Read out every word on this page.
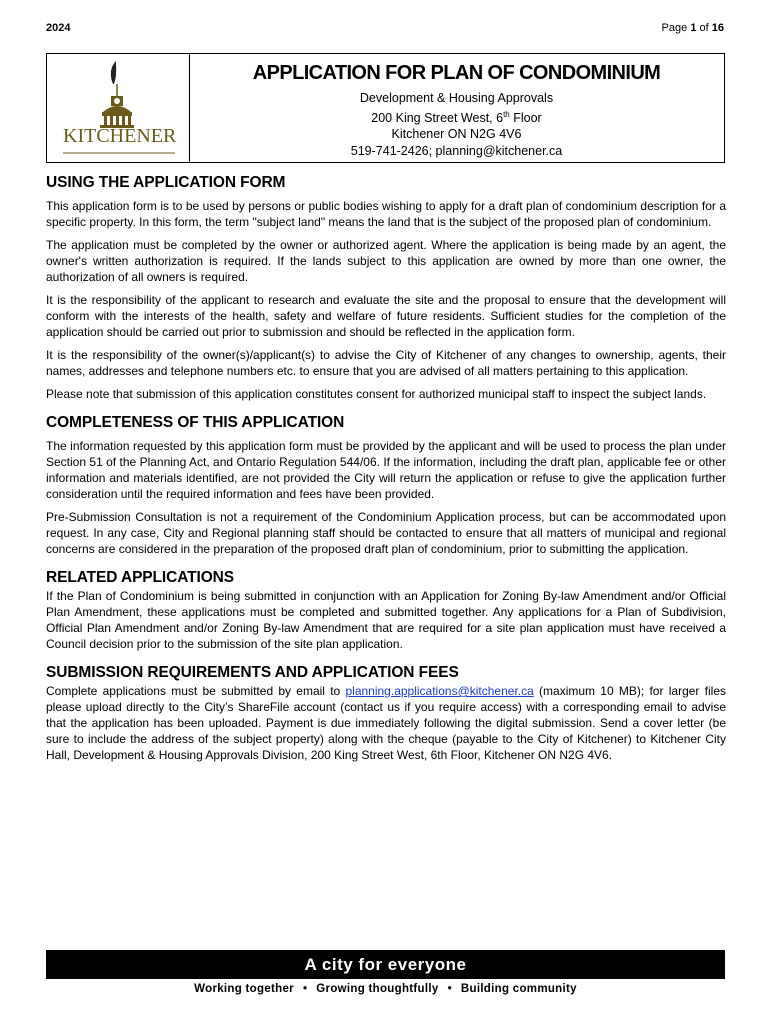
2024	Page 1 of 16
KITCHENER
APPLICATION FOR PLAN OF CONDOMINIUM
Development & Housing Approvals
200 King Street West, 6th Floor
Kitchener ON N2G 4V6
519-741-2426; planning@kitchener.ca
USING THE APPLICATION FORM

This application form is to be used by persons or public bodies wishing to apply for a draft plan of condominium description for a specific property. In this form, the term "subject land" means the land that is the subject of the proposed plan of condominium.

The application must be completed by the owner or authorized agent. Where the application is being made by an agent, the owner's written authorization is required. If the lands subject to this application are owned by more than one owner, the authorization of all owners is required.

It is the responsibility of the applicant to research and evaluate the site and the proposal to ensure that the development will conform with the interests of the health, safety and welfare of future residents. Sufficient studies for the completion of the application should be carried out prior to submission and should be reflected in the application form.

It is the responsibility of the owner(s)/applicant(s) to advise the City of Kitchener of any changes to ownership, agents, their names, addresses and telephone numbers etc. to ensure that you are advised of all matters pertaining to this application.

Please note that submission of this application constitutes consent for authorized municipal staff to inspect the subject lands.

COMPLETENESS OF THIS APPLICATION

The information requested by this application form must be provided by the applicant and will be used to process the plan under Section 51 of the Planning Act, and Ontario Regulation 544/06. If the information, including the draft plan, applicable fee or other information and materials identified, are not provided the City will return the application or refuse to give the application further consideration until the required information and fees have been provided.

Pre-Submission Consultation is not a requirement of the Condominium Application process, but can be accommodated upon request. In any case, City and Regional planning staff should be contacted to ensure that all matters of municipal and regional concerns are considered in the preparation of the proposed draft plan of condominium, prior to submitting the application.

RELATED APPLICATIONS

If the Plan of Condominium is being submitted in conjunction with an Application for Zoning By-law Amendment and/or Official Plan Amendment, these applications must be completed and submitted together. Any applications for a Plan of Subdivision, Official Plan Amendment and/or Zoning By-law Amendment that are required for a site plan application must have received a Council decision prior to the submission of the site plan application.

SUBMISSION REQUIREMENTS AND APPLICATION FEES

Complete applications must be submitted by email to planning.applications@kitchener.ca (maximum 10 MB); for larger files please upload directly to the City’s ShareFile account (contact us if you require access) with a corresponding email to advise that the application has been uploaded. Payment is due immediately following the digital submission. Send a cover letter (be sure to include the address of the subject property) along with the cheque (payable to the City of Kitchener) to Kitchener City Hall, Development & Housing Approvals Division, 200 King Street West, 6th Floor, Kitchener ON N2G 4V6.

A city for everyone
Working together • Growing thoughtfully • Building community
